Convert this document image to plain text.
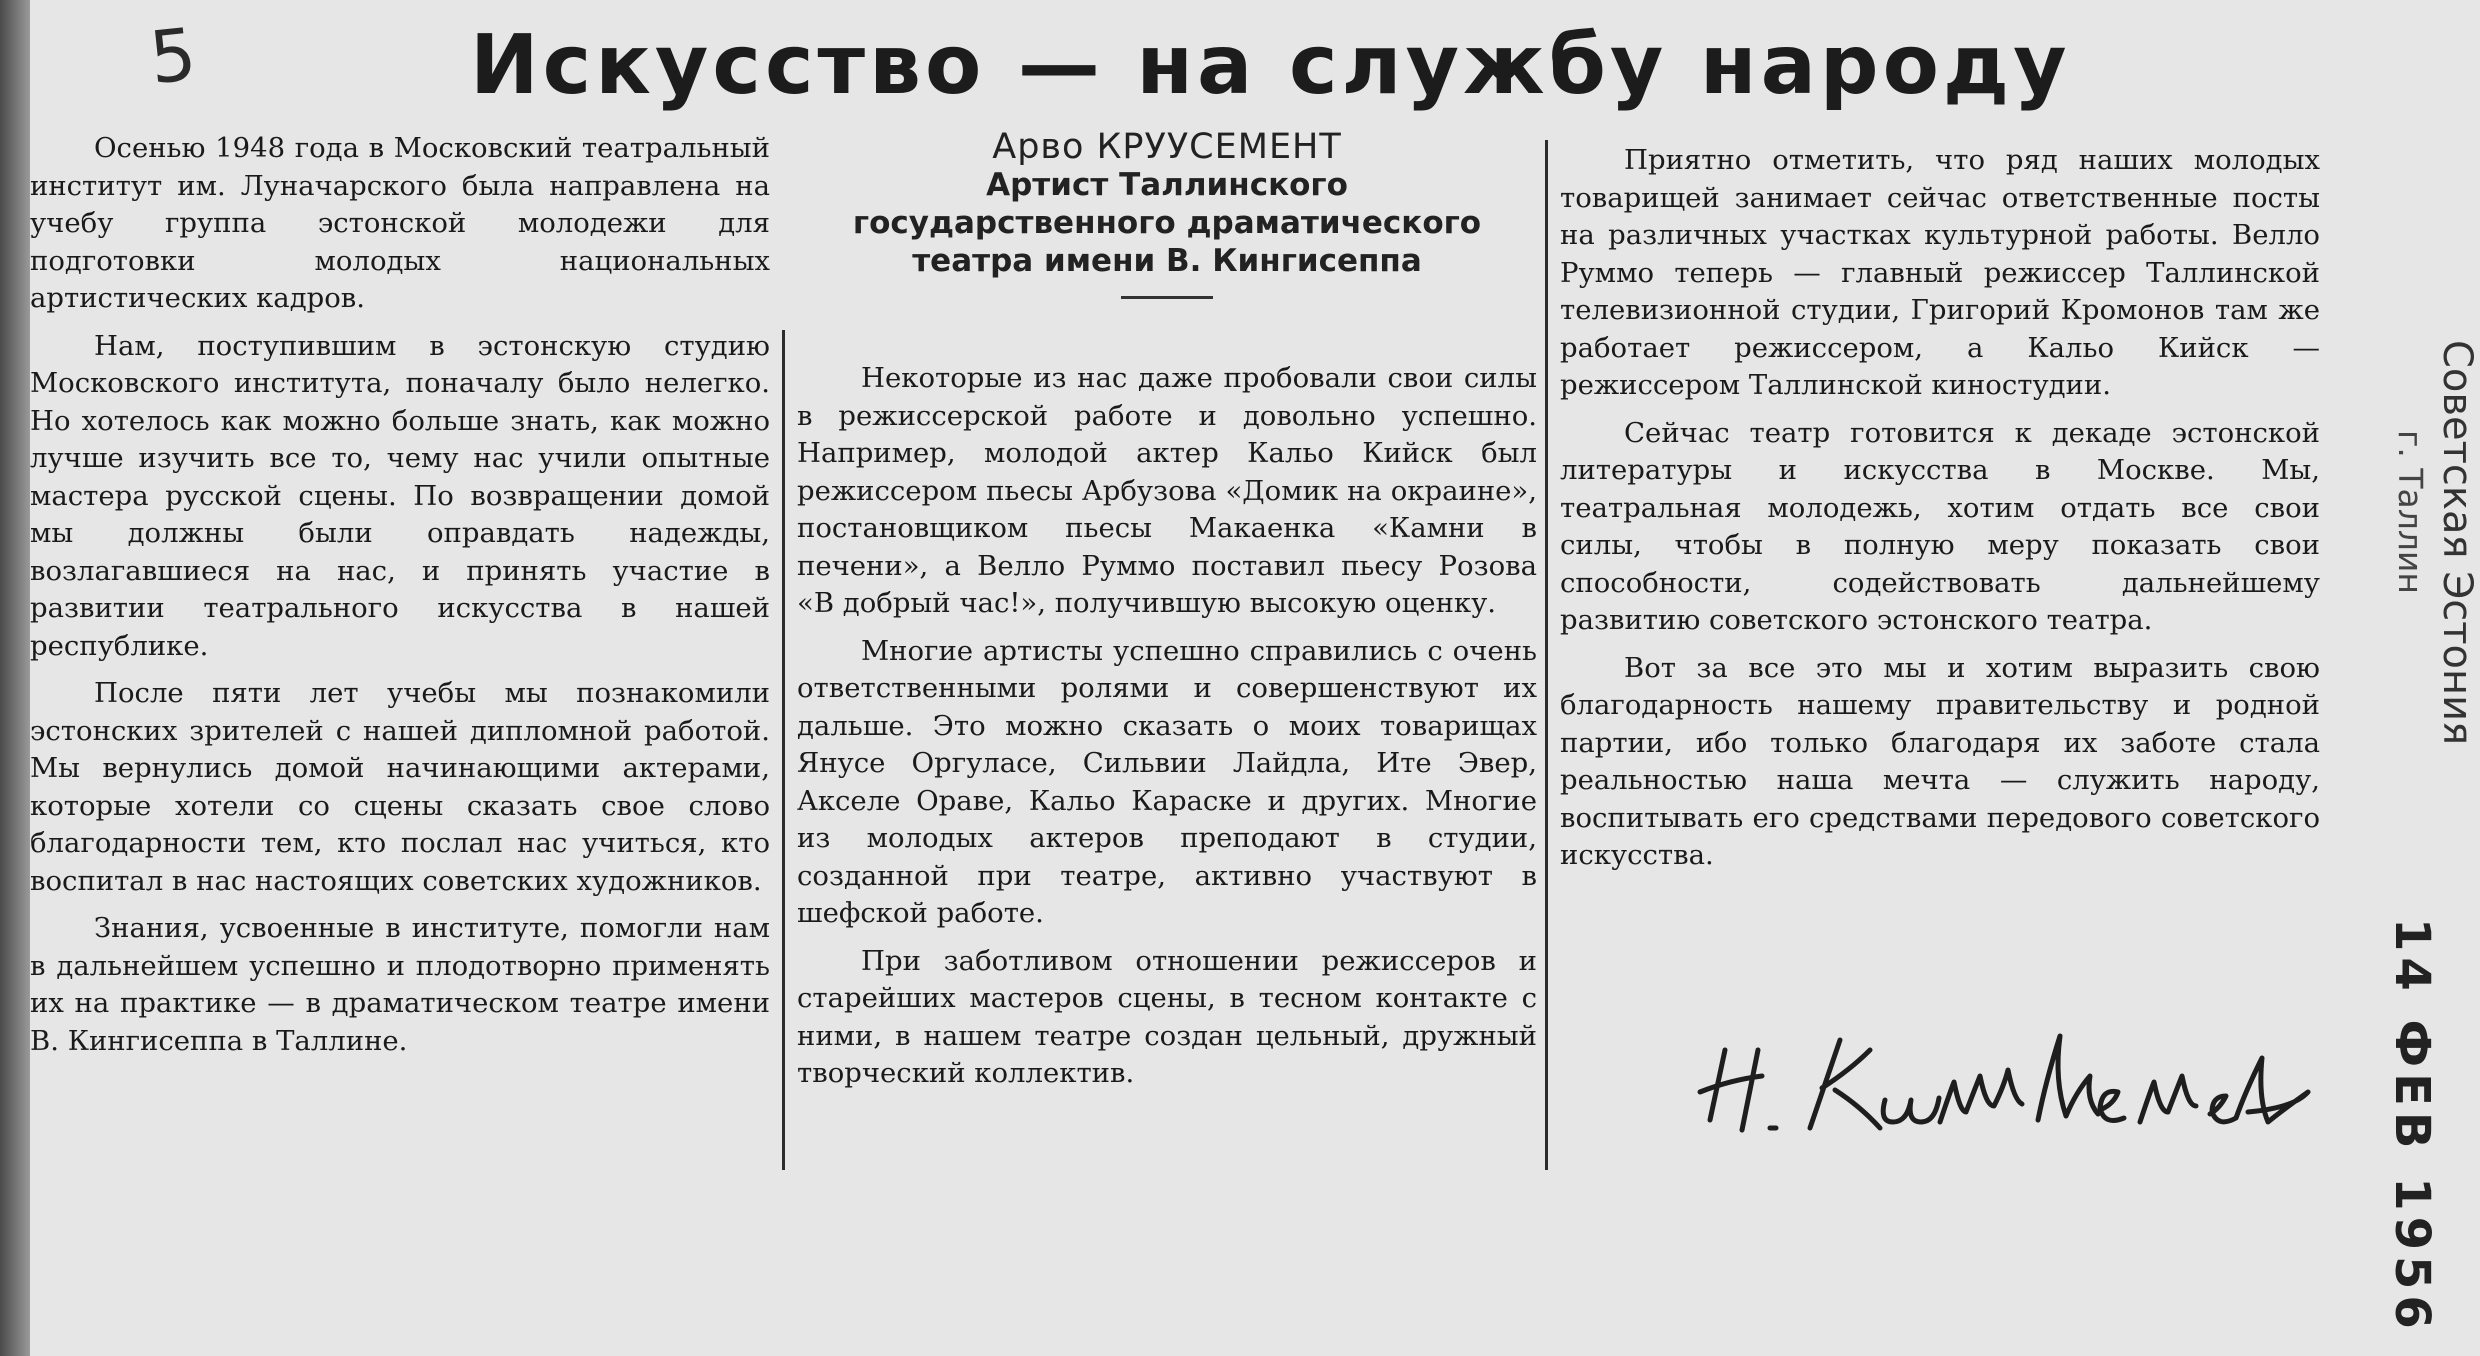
5	Искусство — на службу народу

Осенью 1948 года в Московский театральный институт им. Луначарского была направлена на учебу группа эстонской молодежи для подготовки молодых национальных артистических кадров.

Нам, поступившим в эстонскую студию Московского института, поначалу было нелегко. Но хотелось как можно больше знать, как можно лучше изучить все то, чему нас учили опытные мастера русской сцены. По возвращении домой мы должны были оправдать надежды, возлагавшиеся на нас, и принять участие в развитии театрального искусства в нашей республике.

После пяти лет учебы мы познакомили эстонских зрителей с нашей дипломной работой. Мы вернулись домой начинающими актерами, которые хотели со сцены сказать свое слово благодарности тем, кто послал нас учиться, кто воспитал в нас настоящих советских художников.

Знания, усвоенные в институте, помогли нам в дальнейшем успешно и плодотворно применять их на практике — в драматическом театре имени В. Кингисеппа в Таллине.

Арво КРУУСЕМЕНТ
Артист Таллинского
государственного драматического
театра имени В. Кингисеппа

Некоторые из нас даже пробовали свои силы в режиссерской работе и довольно успешно. Например, молодой актер Кальо Кийск был режиссером пьесы Арбузова «Домик на окраине», постановщиком пьесы Макаенка «Камни в печени», а Велло Руммо поставил пьесу Розова «В добрый час!», получившую высокую оценку.

Многие артисты успешно справились с очень ответственными ролями и совершенствуют их дальше. Это можно сказать о моих товарищах Янусе Оргуласе, Сильвии Лайдла, Ите Эвер, Акселе Ораве, Кальо Караске и других. Многие из молодых актеров преподают в студии, созданной при театре, активно участвуют в шефской работе.

При заботливом отношении режиссеров и старейших мастеров сцены, в тесном контакте с ними, в нашем театре создан цельный, дружный творческий коллектив.

Приятно отметить, что ряд наших молодых товарищей занимает сейчас ответственные посты на различных участках культурной работы. Велло Руммо теперь — главный режиссер Таллинской телевизионной студии, Григорий Кромонов там же работает режиссером, а Кальо Кийск — режиссером Таллинской киностудии.

Сейчас театр готовится к декаде эстонской литературы и искусства в Москве. Мы, театральная молодежь, хотим отдать все свои силы, чтобы в полную меру показать свои способности, содействовать дальнейшему развитию советского эстонского театра.

Вот за все это мы и хотим выразить свою благодарность нашему правительству и родной партии, ибо только благодаря их заботе стала реальностью наша мечта — служить народу, воспитывать его средствами передового советского искусства.

Советская Эстония
г. Таллин
14 ФЕВ 1956
